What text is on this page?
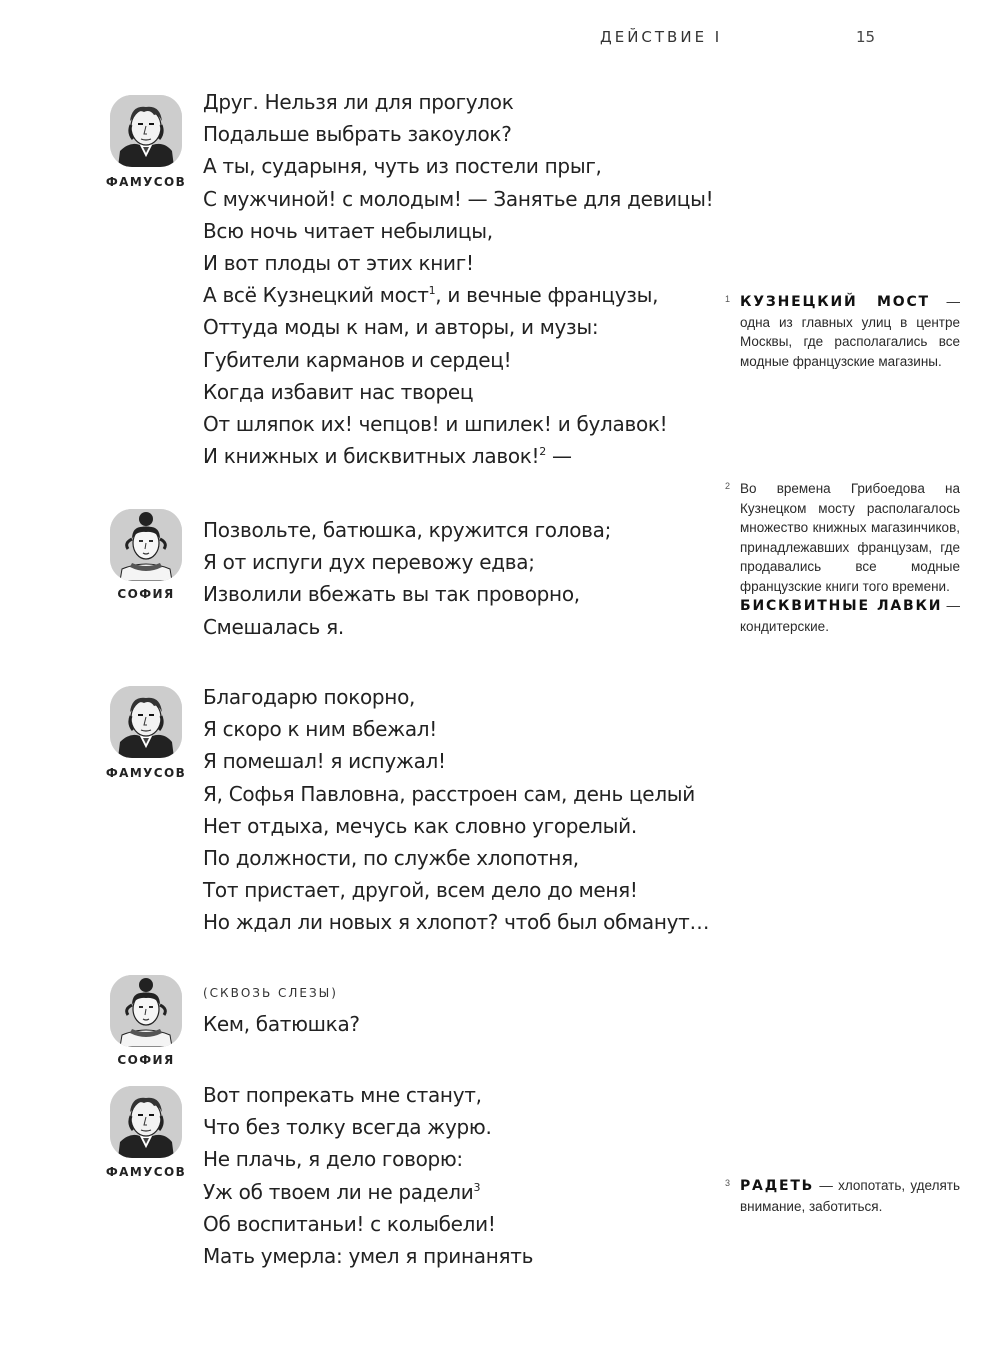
ДЕЙСТВИЕ I	15
ФАМУСОВ
Друг. Нельзя ли для прогулок
Подальше выбрать закоулок?
А ты, сударыня, чуть из постели прыг,
С мужчиной! с молодым! — Занятье для девицы!
Всю ночь читает небылицы,
И вот плоды от этих книг!
А всё Кузнецкий мост$^1$, и вечные французы,
Оттуда моды к нам, и авторы, и музы:
Губители карманов и сердец!
Когда избавит нас творец
От шляпок их! чепцов! и шпилек! и булавок!
И книжных и бисквитных лавок!$^2$ —
СОФИЯ
Позвольте, батюшка, кружится голова;
Я от испуги дух перевожу едва;
Изволили вбежать вы так проворно,
Смешалась я.
ФАМУСОВ
Благодарю покорно,
Я скоро к ним вбежал!
Я помешал! я испужал!
Я, Софья Павловна, расстроен сам, день целый
Нет отдыха, мечусь как словно угорелый.
По должности, по службе хлопотня,
Тот пристает, другой, всем дело до меня!
Но ждал ли новых я хлопот? чтоб был обманут…
СОФИЯ
(СКВОЗЬ СЛЕЗЫ)
Кем, батюшка?
ФАМУСОВ
Вот попрекать мне станут,
Что без толку всегда журю.
Не плачь, я дело говорю:
Уж об твоем ли не радели$^3$
Об воспитаньи! с колыбели!
Мать умерла: умел я принанять
1 КУЗНЕЦКИЙ МОСТ — одна из главных улиц в центре Москвы, где располагались все модные французские магазины.
2 Во времена Грибоедова на Кузнецком мосту располагалось множество книжных магазинчиков, принадлежавших французам, где продавались все модные французские книги того времени.
БИСКВИТНЫЕ ЛАВКИ — кондитерские.
3 РАДЕТЬ — хлопотать, уделять внимание, заботиться.
